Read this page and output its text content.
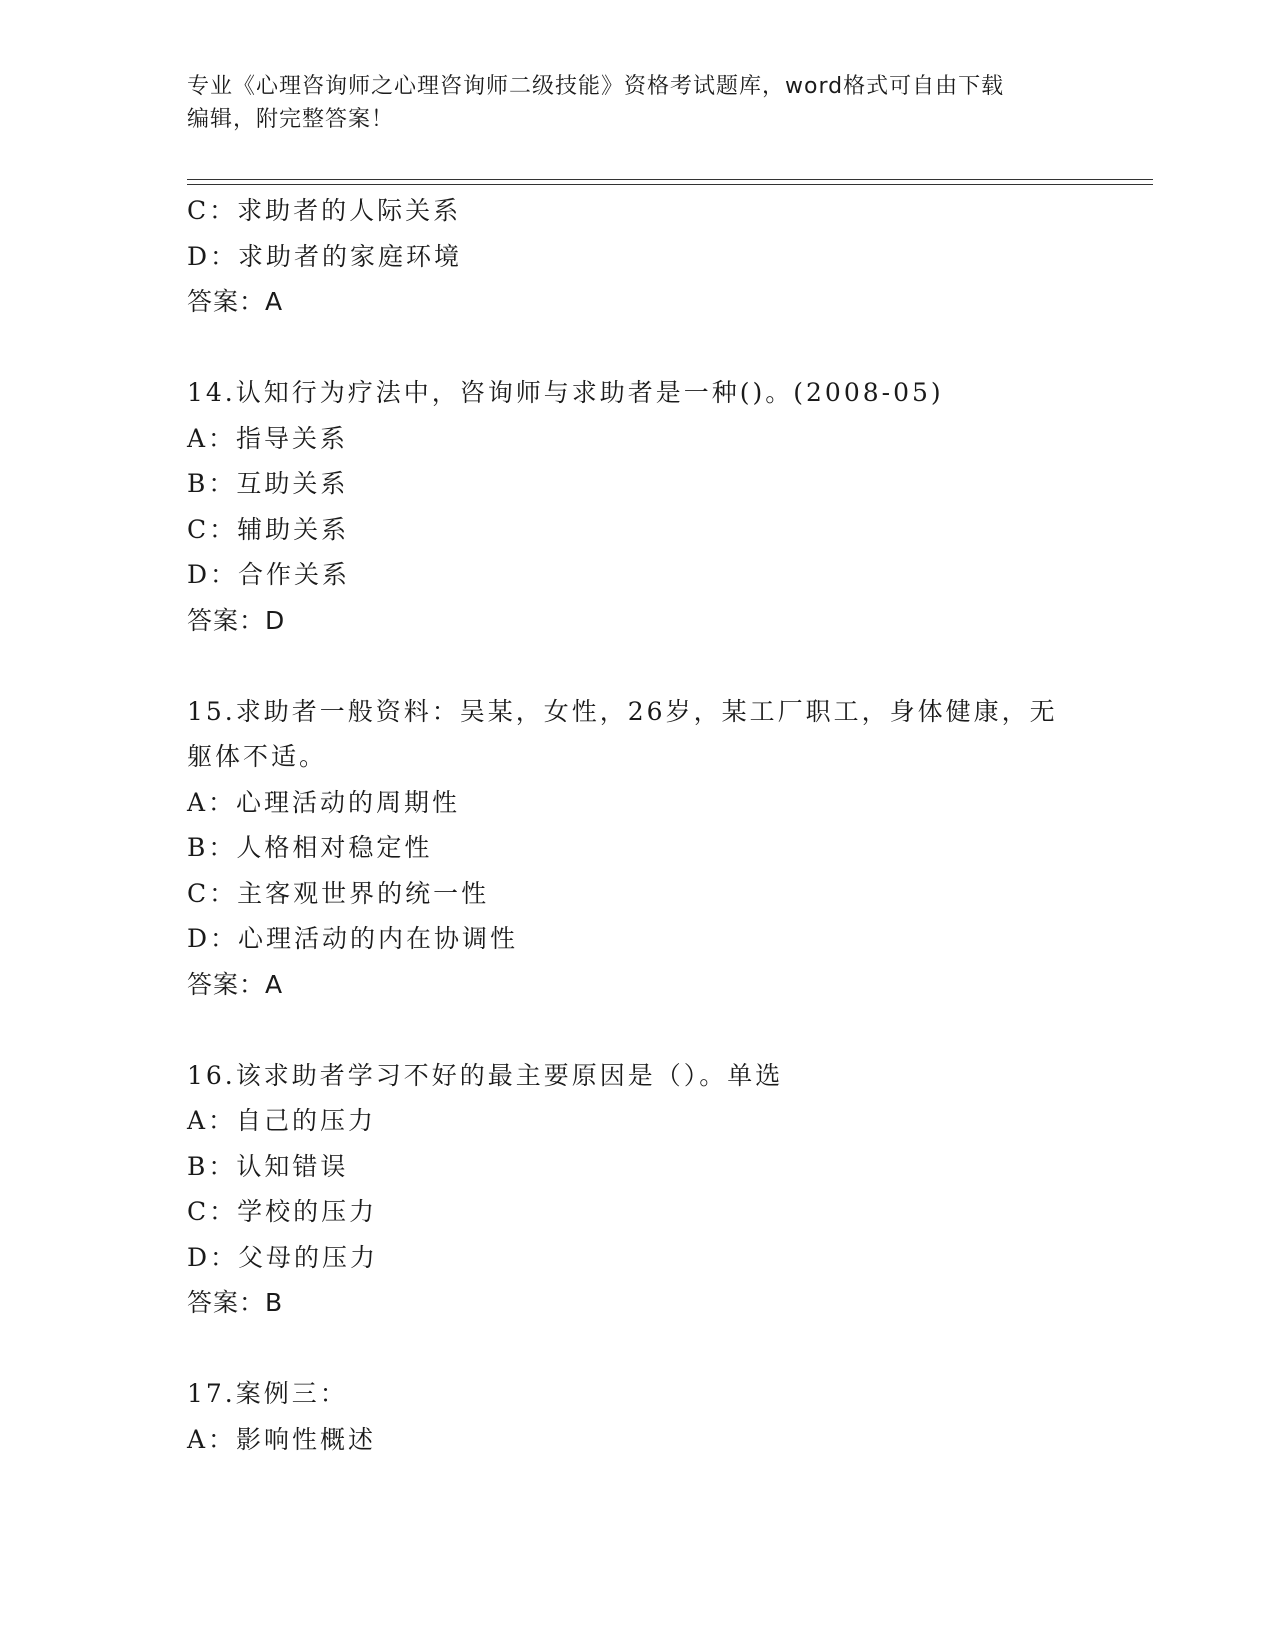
专业《心理咨询师之心理咨询师二级技能》资格考试题库，word格式可自由下载
编辑，附完整答案！
C：求助者的人际关系
D：求助者的家庭环境
答案：A
14.认知行为疗法中，咨询师与求助者是一种()。(2008-05)
A：指导关系
B：互助关系
C：辅助关系
D：合作关系
答案：D
15.求助者一般资料：吴某，女性，26岁，某工厂职工，身体健康，无
躯体不适。
A：心理活动的周期性
B：人格相对稳定性
C：主客观世界的统一性
D：心理活动的内在协调性
答案：A
16.该求助者学习不好的最主要原因是（）。单选
A：自己的压力
B：认知错误
C：学校的压力
D：父母的压力
答案：B
17.案例三：
A：影响性概述
